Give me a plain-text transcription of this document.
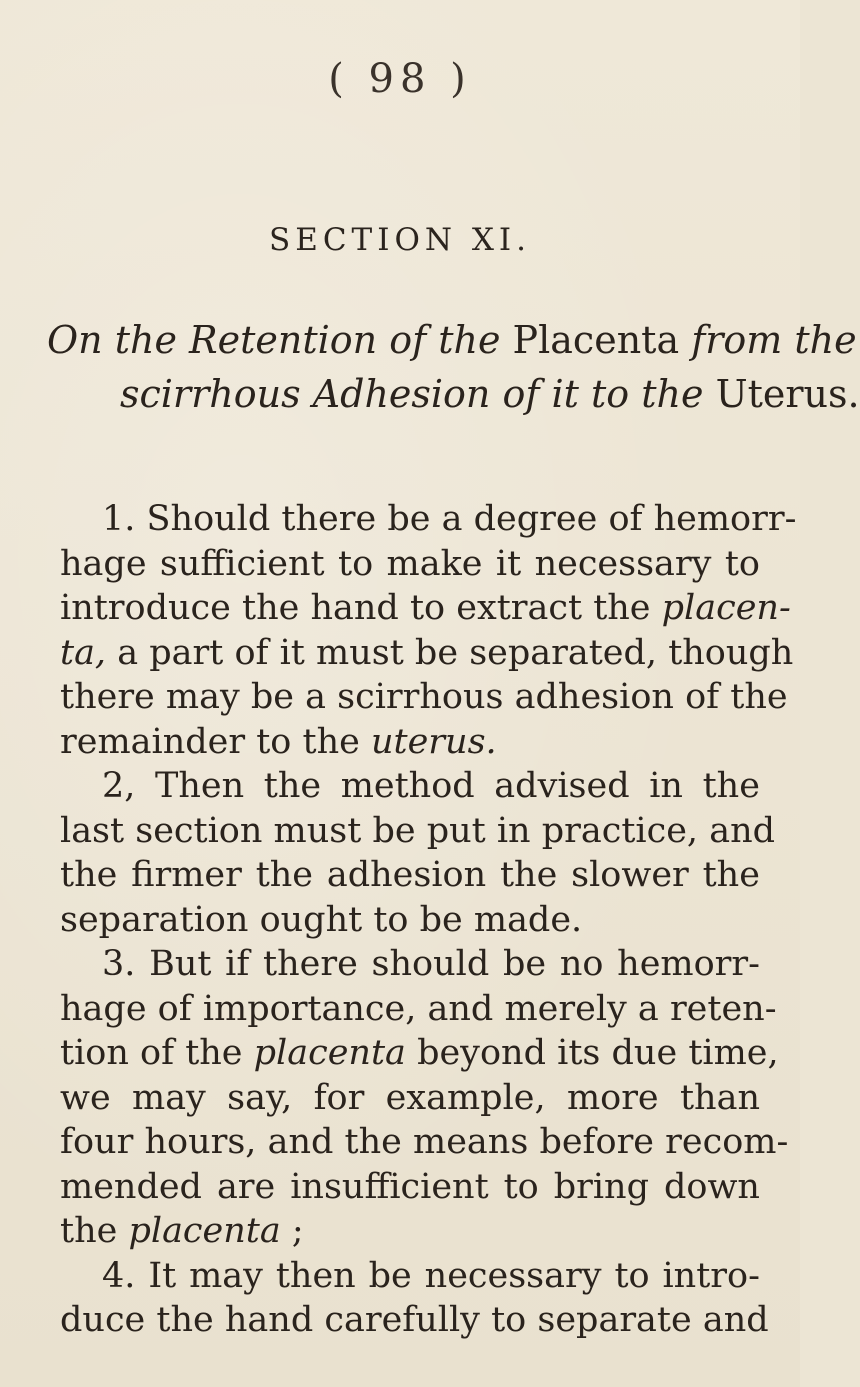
( 98 )
SECTION XI.
On the Retention of the Placenta from the
scirrhous Adhesion of it to the Uterus.
1. Should there be a degree of hemorr-
hage sufficient to make it necessary to
introduce the hand to extract the placen-
ta, a part of it must be separated, though
there may be a scirrhous adhesion of the
remainder to the uterus.
2, Then the method advised in the
last section must be put in practice, and
the firmer the adhesion the slower the
separation ought to be made.
3. But if there should be no hemorr-
hage of importance, and merely a reten-
tion of the placenta beyond its due time,
we may say, for example, more than
four hours, and the means before recom-
mended are insufficient to bring down
the placenta ;
4. It may then be necessary to intro-
duce the hand carefully to separate and
